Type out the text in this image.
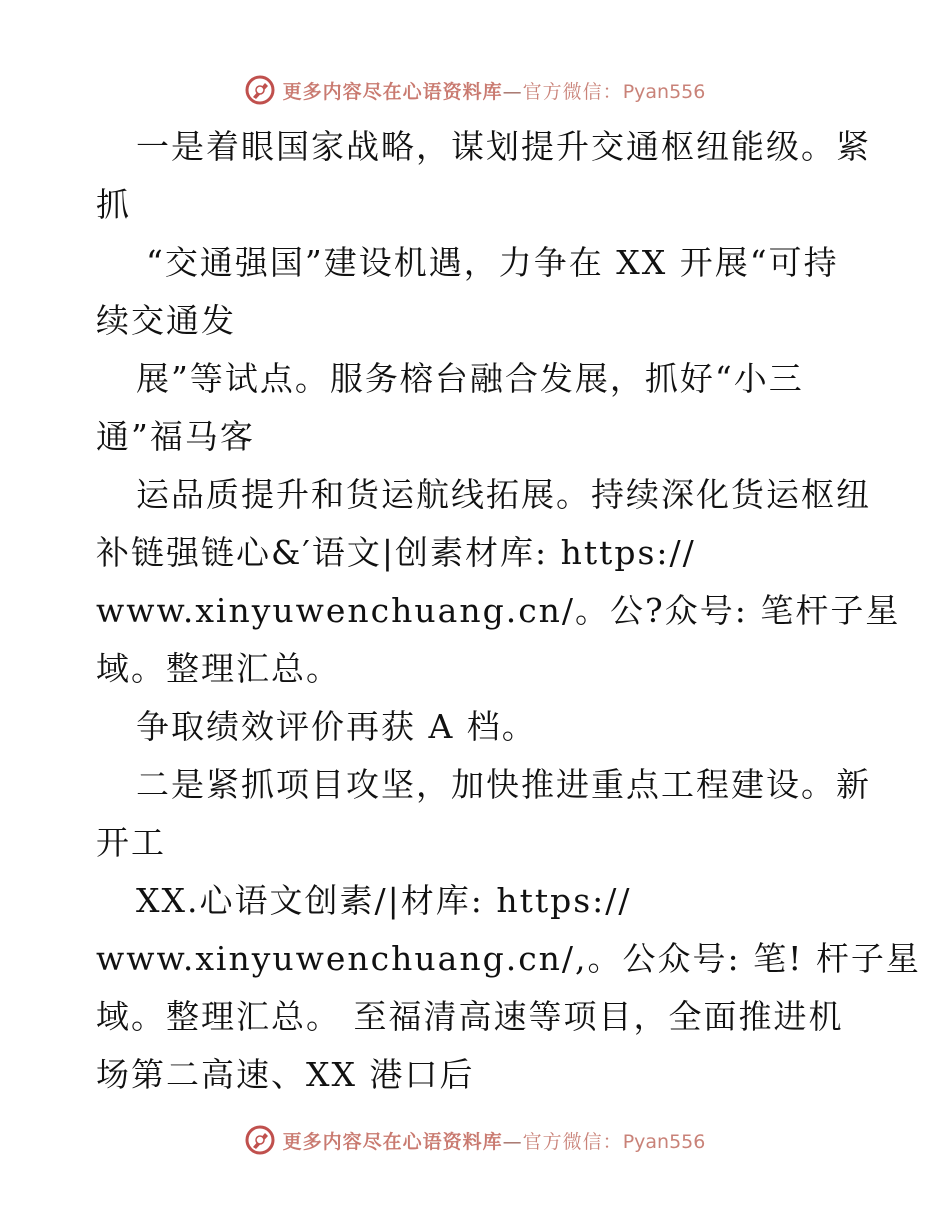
更多内容尽在心语资料库—官方微信：Pyan556
一是着眼国家战略，谋划提升交通枢纽能级。紧
抓
“交通强国”建设机遇，力争在 XX 开展“可持
续交通发
展”等试点。服务榕台融合发展，抓好“小三
通”福马客
运品质提升和货运航线拓展。持续深化货运枢纽
补链强链心&′语文|创素材库: https://
www.xinyuwenchuang.cn/。公?众号: 笔杆子星
域。整理汇总。
争取绩效评价再获 A 档。
二是紧抓项目攻坚，加快推进重点工程建设。新
开工
XX.心语文创素/|材库: https://
www.xinyuwenchuang.cn/,。公众号: 笔! 杆子星
域。整理汇总。 至福清高速等项目，全面推进机
场第二高速、XX 港口后
更多内容尽在心语资料库—官方微信：Pyan556
